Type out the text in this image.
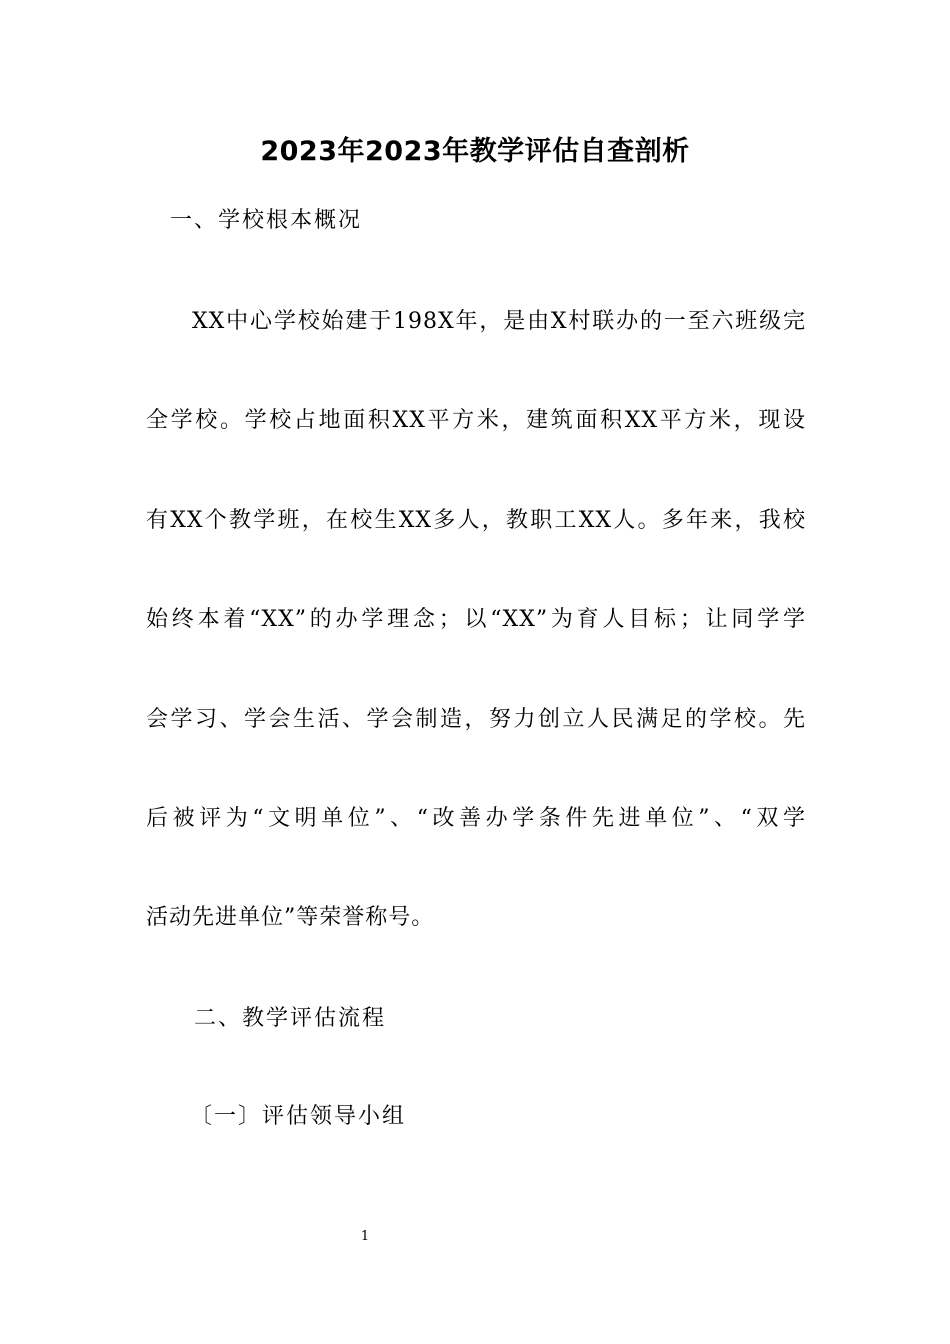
2023年2023年教学评估自查剖析
一、学校根本概况
XX中心学校始建于198X年，是由X村联办的一至六班级完
全学校。学校占地面积XX平方米，建筑面积XX平方米，现设
有XX个教学班，在校生XX多人，教职工XX人。多年来，我校
始终本着“XX”的办学理念；以“XX”为育人目标；让同学学
会学习、学会生活、学会制造，努力创立人民满足的学校。先
后被评为“文明单位”、“改善办学条件先进单位”、“双学
活动先进单位”等荣誉称号。
二、教学评估流程
〔一〕评估领导小组
1
